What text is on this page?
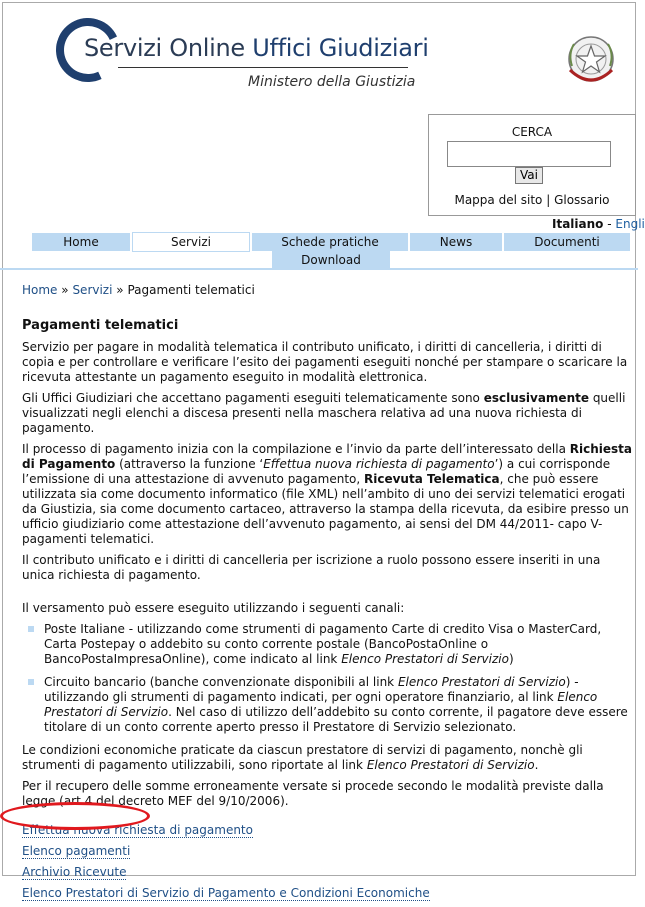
Servizi Online Uffici Giudiziari
Ministero della Giustizia
CERCA
Vai
Mappa del sito | Glossario
Italiano - Engli
Home	Servizi	Schede pratiche	News	Documenti
Download
Home » Servizi » Pagamenti telematici
Pagamenti telematici

Servizio per pagare in modalità telematica il contributo unificato, i diritti di cancelleria, i diritti di copia e per controllare e verificare l’esito dei pagamenti eseguiti nonché per stampare o scaricare la ricevuta attestante un pagamento eseguito in modalità elettronica.

Gli Uffici Giudiziari che accettano pagamenti eseguiti telematicamente sono esclusivamente quelli visualizzati negli elenchi a discesa presenti nella maschera relativa ad una nuova richiesta di pagamento.

Il processo di pagamento inizia con la compilazione e l’invio da parte dell’interessato della Richiesta di Pagamento (attraverso la funzione ‘Effettua nuova richiesta di pagamento’) a cui corrisponde l’emissione di una attestazione di avvenuto pagamento, Ricevuta Telematica, che può essere utilizzata sia come documento informatico (file XML) nell’ambito di uno dei servizi telematici erogati da Giustizia, sia come documento cartaceo, attraverso la stampa della ricevuta, da esibire presso un ufficio giudiziario come attestazione dell’avvenuto pagamento, ai sensi del DM 44/2011- capo V- pagamenti telematici.

Il contributo unificato e i diritti di cancelleria per iscrizione a ruolo possono essere inseriti in una unica richiesta di pagamento.

Il versamento può essere eseguito utilizzando i seguenti canali:

Poste Italiane - utilizzando come strumenti di pagamento Carte di credito Visa o MasterCard, Carta Postepay o addebito su conto corrente postale (BancoPostaOnline o BancoPostaImpresaOnline), come indicato al link Elenco Prestatori di Servizio)
Circuito bancario (banche convenzionate disponibili al link Elenco Prestatori di Servizio) - utilizzando gli strumenti di pagamento indicati, per ogni operatore finanziario, al link Elenco Prestatori di Servizio. Nel caso di utilizzo dell’addebito su conto corrente, il pagatore deve essere titolare di un conto corrente aperto presso il Prestatore di Servizio selezionato.

Le condizioni economiche praticate da ciascun prestatore di servizi di pagamento, nonchè gli strumenti di pagamento utilizzabili, sono riportate al link Elenco Prestatori di Servizio.

Per il recupero delle somme erroneamente versate si procede secondo le modalità previste dalla legge (art 4 del decreto MEF del 9/10/2006).

Effettua nuova richiesta di pagamento
Elenco pagamenti
Archivio Ricevute
Elenco Prestatori di Servizio di Pagamento e Condizioni Economiche
